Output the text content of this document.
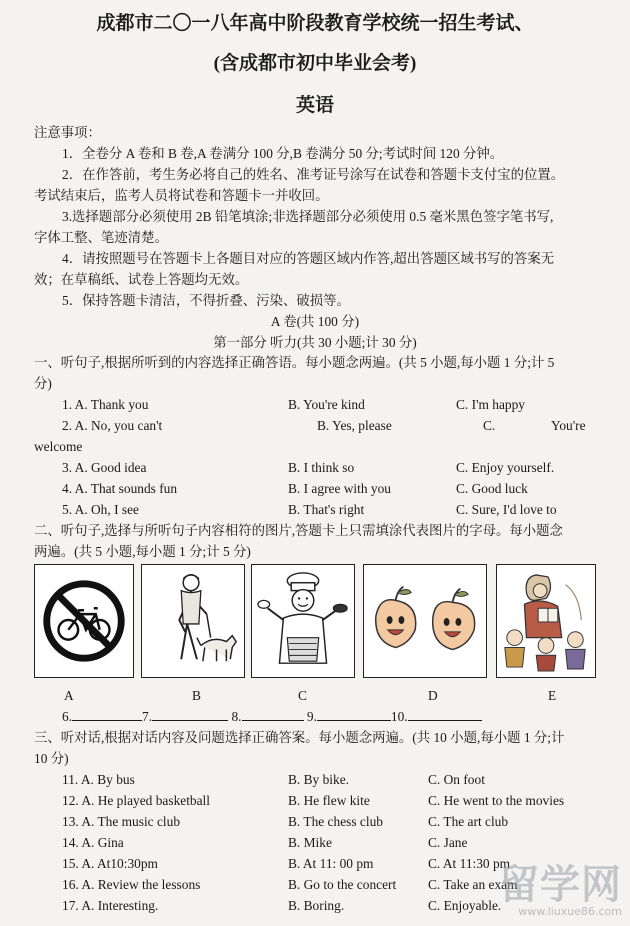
成都市二〇一八年高中阶段教育学校统一招生考试、
(含成都市初中毕业会考)
英语
注意事项：
1．全卷分 A 卷和 B 卷,A 卷满分 100 分,B 卷满分 50 分;考试时间 120 分钟。
2．在作答前，考生务必将自己的姓名、准考证号涂写在试卷和答题卡支付宝的位置。
考试结束后，监考人员将试卷和答题卡一并收回。
3.选择题部分必须使用 2B 铅笔填涂;非选择题部分必须使用 0.5 毫米黑色签字笔书写,
字体工整、笔迹清楚。
4．请按照题号在答题卡上各题目对应的答题区域内作答,超出答题区域书写的答案无
效；在草稿纸、试卷上答题均无效。
5．保持答题卡清洁，不得折叠、污染、破损等。
A 卷(共 100 分)
第一部分 听力(共 30 小题;计 30 分)
一、听句子,根据所听到的内容选择正确答语。每小题念两遍。(共 5 小题,每小题 1 分;计 5
分)
1. A. Thank you	B. You're kind	C. I'm happy
2. A. No, you can't	B. Yes, please	C.	You're
welcome
3. A. Good idea	B. I think so	C. Enjoy yourself.
4. A. That sounds fun	B. I agree with you	C. Good luck
5. A. Oh, I see	B. That's right	C. Sure, I'd love to
二、听句子,选择与所听句子内容相符的图片,答题卡上只需填涂代表图片的字母。每小题念
两遍。(共 5 小题,每小题 1 分;计 5 分)
A	B	C	D	E
6.	7.	8.	9.	10.
三、听对话,根据对话内容及问题选择正确答案。每小题念两遍。(共 10 小题,每小题 1 分;计
10 分)
11. A. By bus	B. By bike.	C. On foot
12. A. He played basketball	B. He flew kite	C. He went to the movies
13. A. The music club	B. The chess club	C. The art club
14. A. Gina	B. Mike	C. Jane
15. A. At10:30pm	B. At 11: 00 pm	C. At 11:30 pm
16. A. Review the lessons	B. Go to the concert C. Take an exam
17. A. Interesting.	B. Boring.	C. Enjoyable.
留学网
www.liuxue86.com
